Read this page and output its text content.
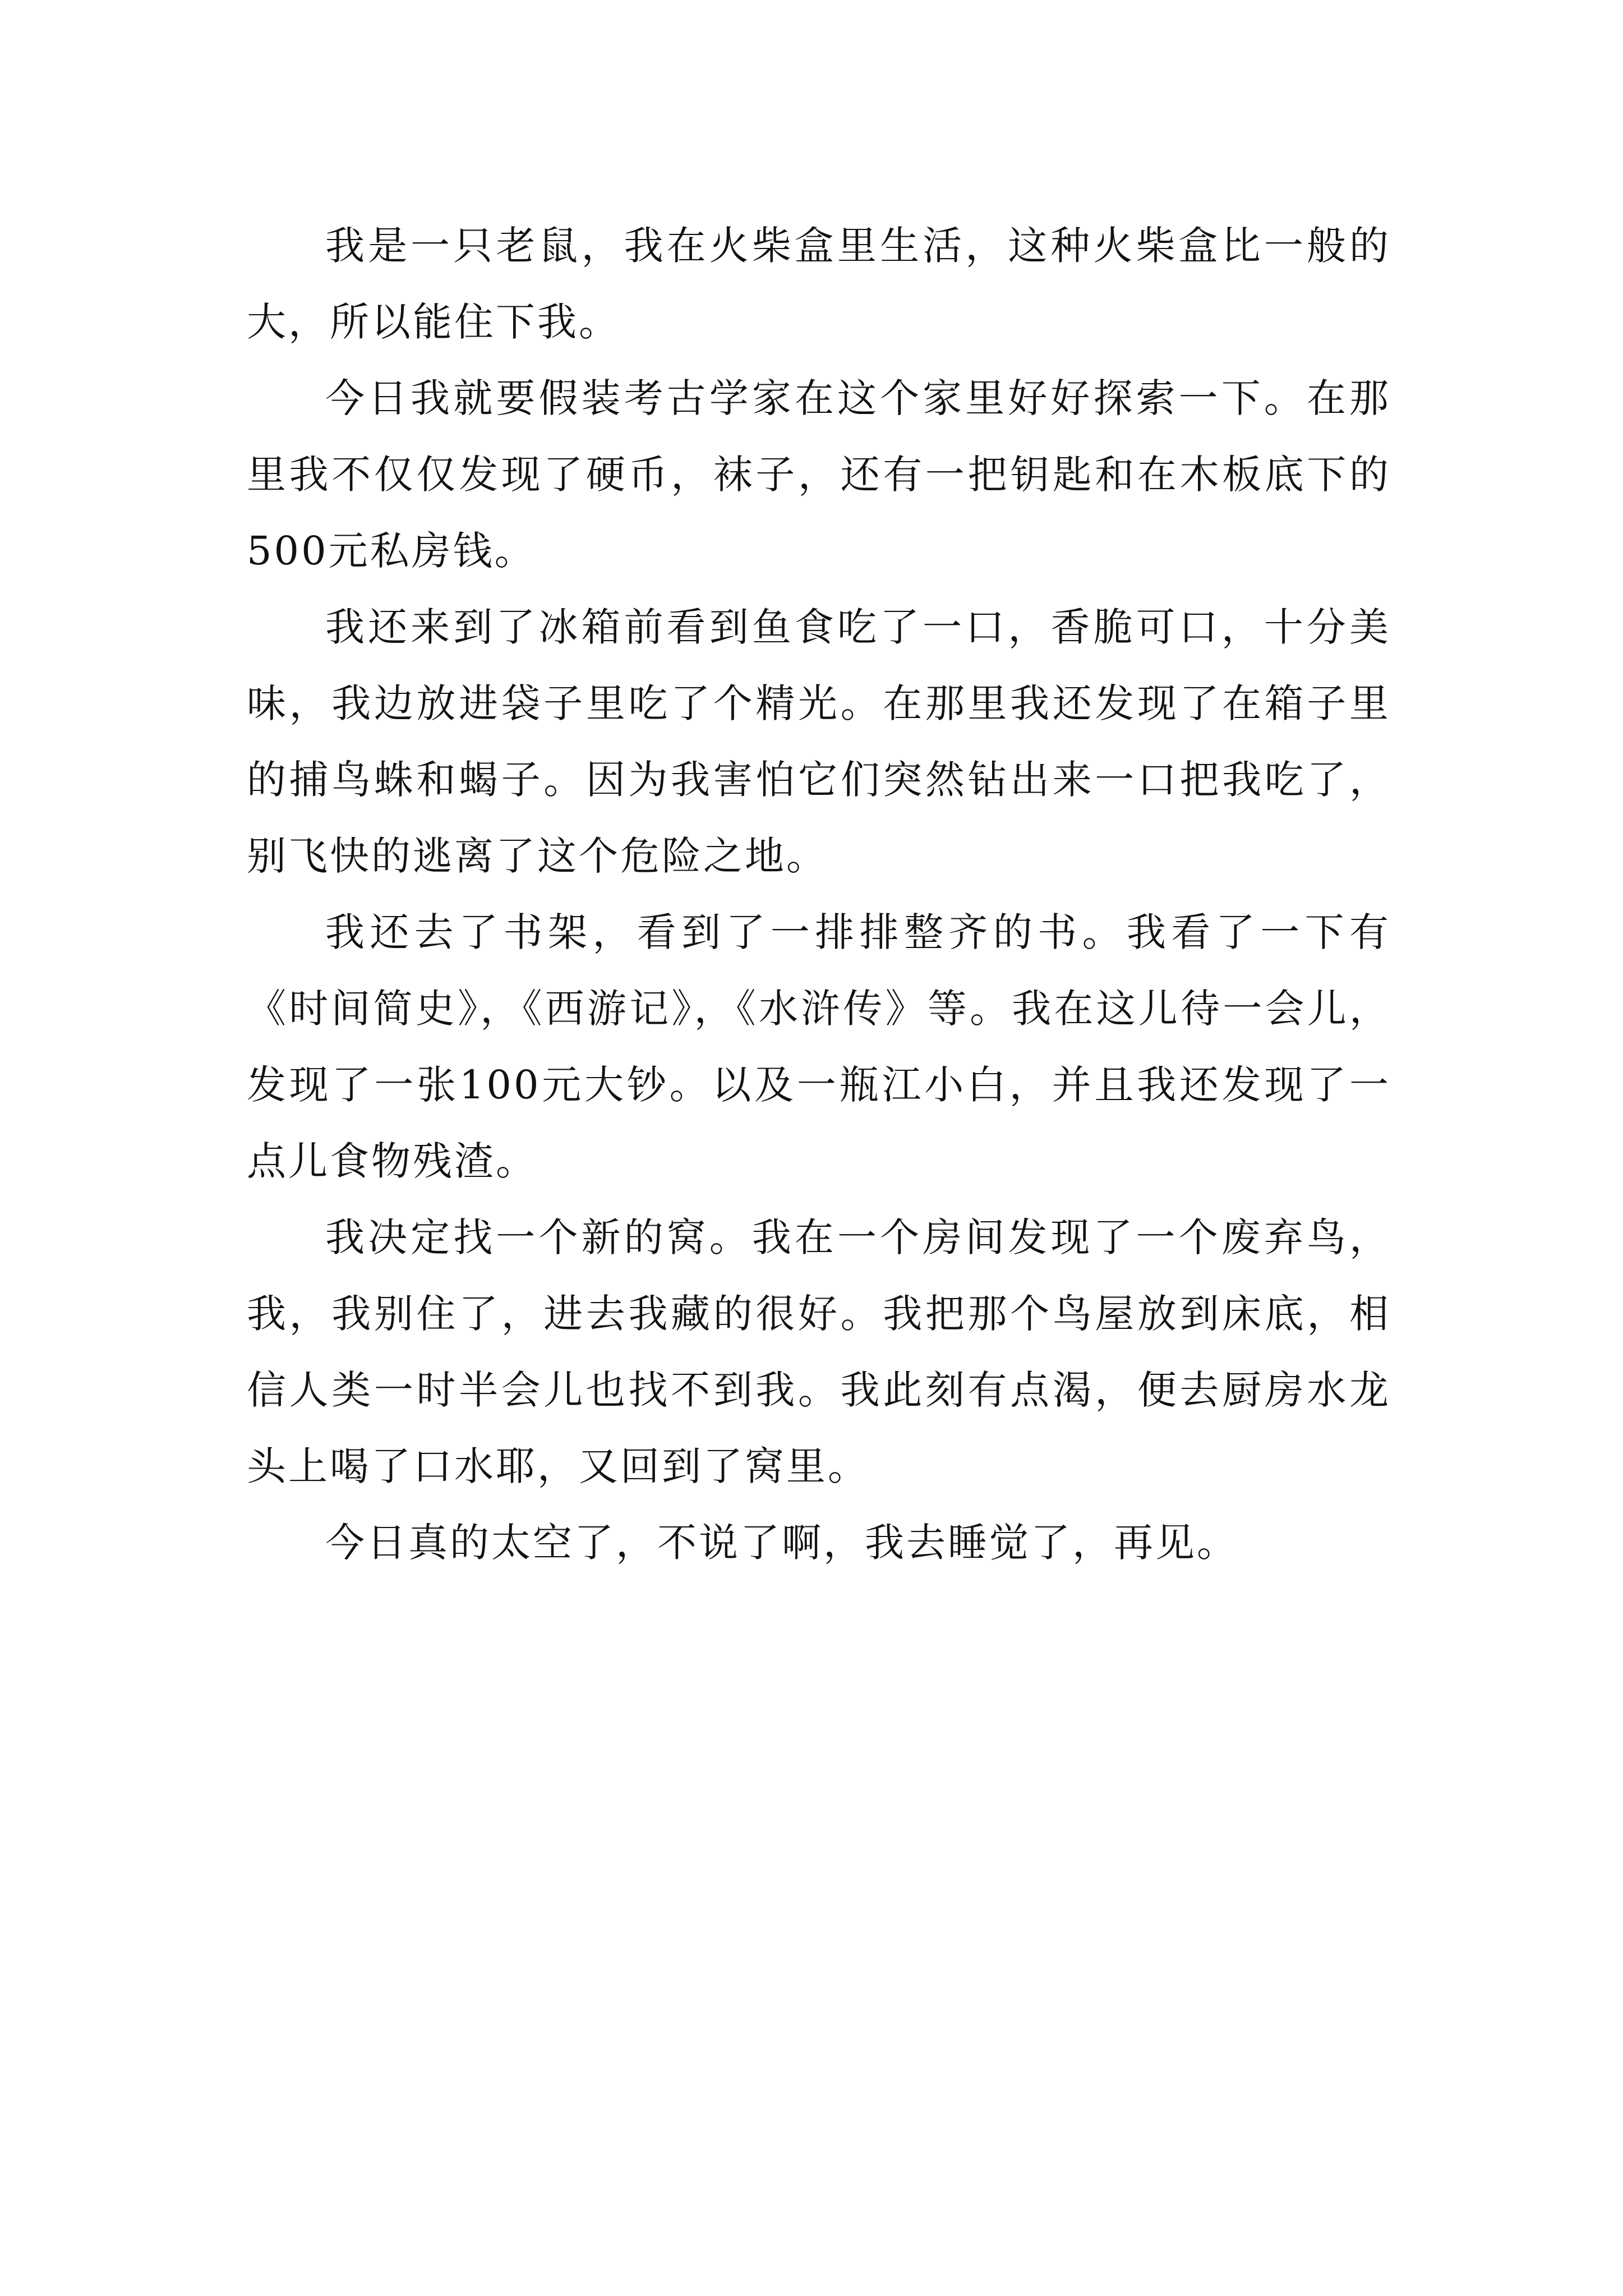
我是一只老鼠，我在火柴盒里生活，这种火柴盒比一般的大，所以能住下我。

今日我就要假装考古学家在这个家里好好探索一下。在那里我不仅仅发现了硬币，袜子，还有一把钥匙和在木板底下的500元私房钱。

我还来到了冰箱前看到鱼食吃了一口，香脆可口，十分美味，我边放进袋子里吃了个精光。在那里我还发现了在箱子里的捕鸟蛛和蝎子。因为我害怕它们突然钻出来一口把我吃了，别飞快的逃离了这个危险之地。

我还去了书架，看到了一排排整齐的书。我看了一下有《时间简史》，《西游记》，《水浒传》等。我在这儿待一会儿，发现了一张100元大钞。以及一瓶江小白，并且我还发现了一点儿食物残渣。

我决定找一个新的窝。我在一个房间发现了一个废弃鸟，我，我别住了，进去我藏的很好。我把那个鸟屋放到床底，相信人类一时半会儿也找不到我。我此刻有点渴，便去厨房水龙头上喝了口水耶，又回到了窝里。

今日真的太空了，不说了啊，我去睡觉了，再见。
